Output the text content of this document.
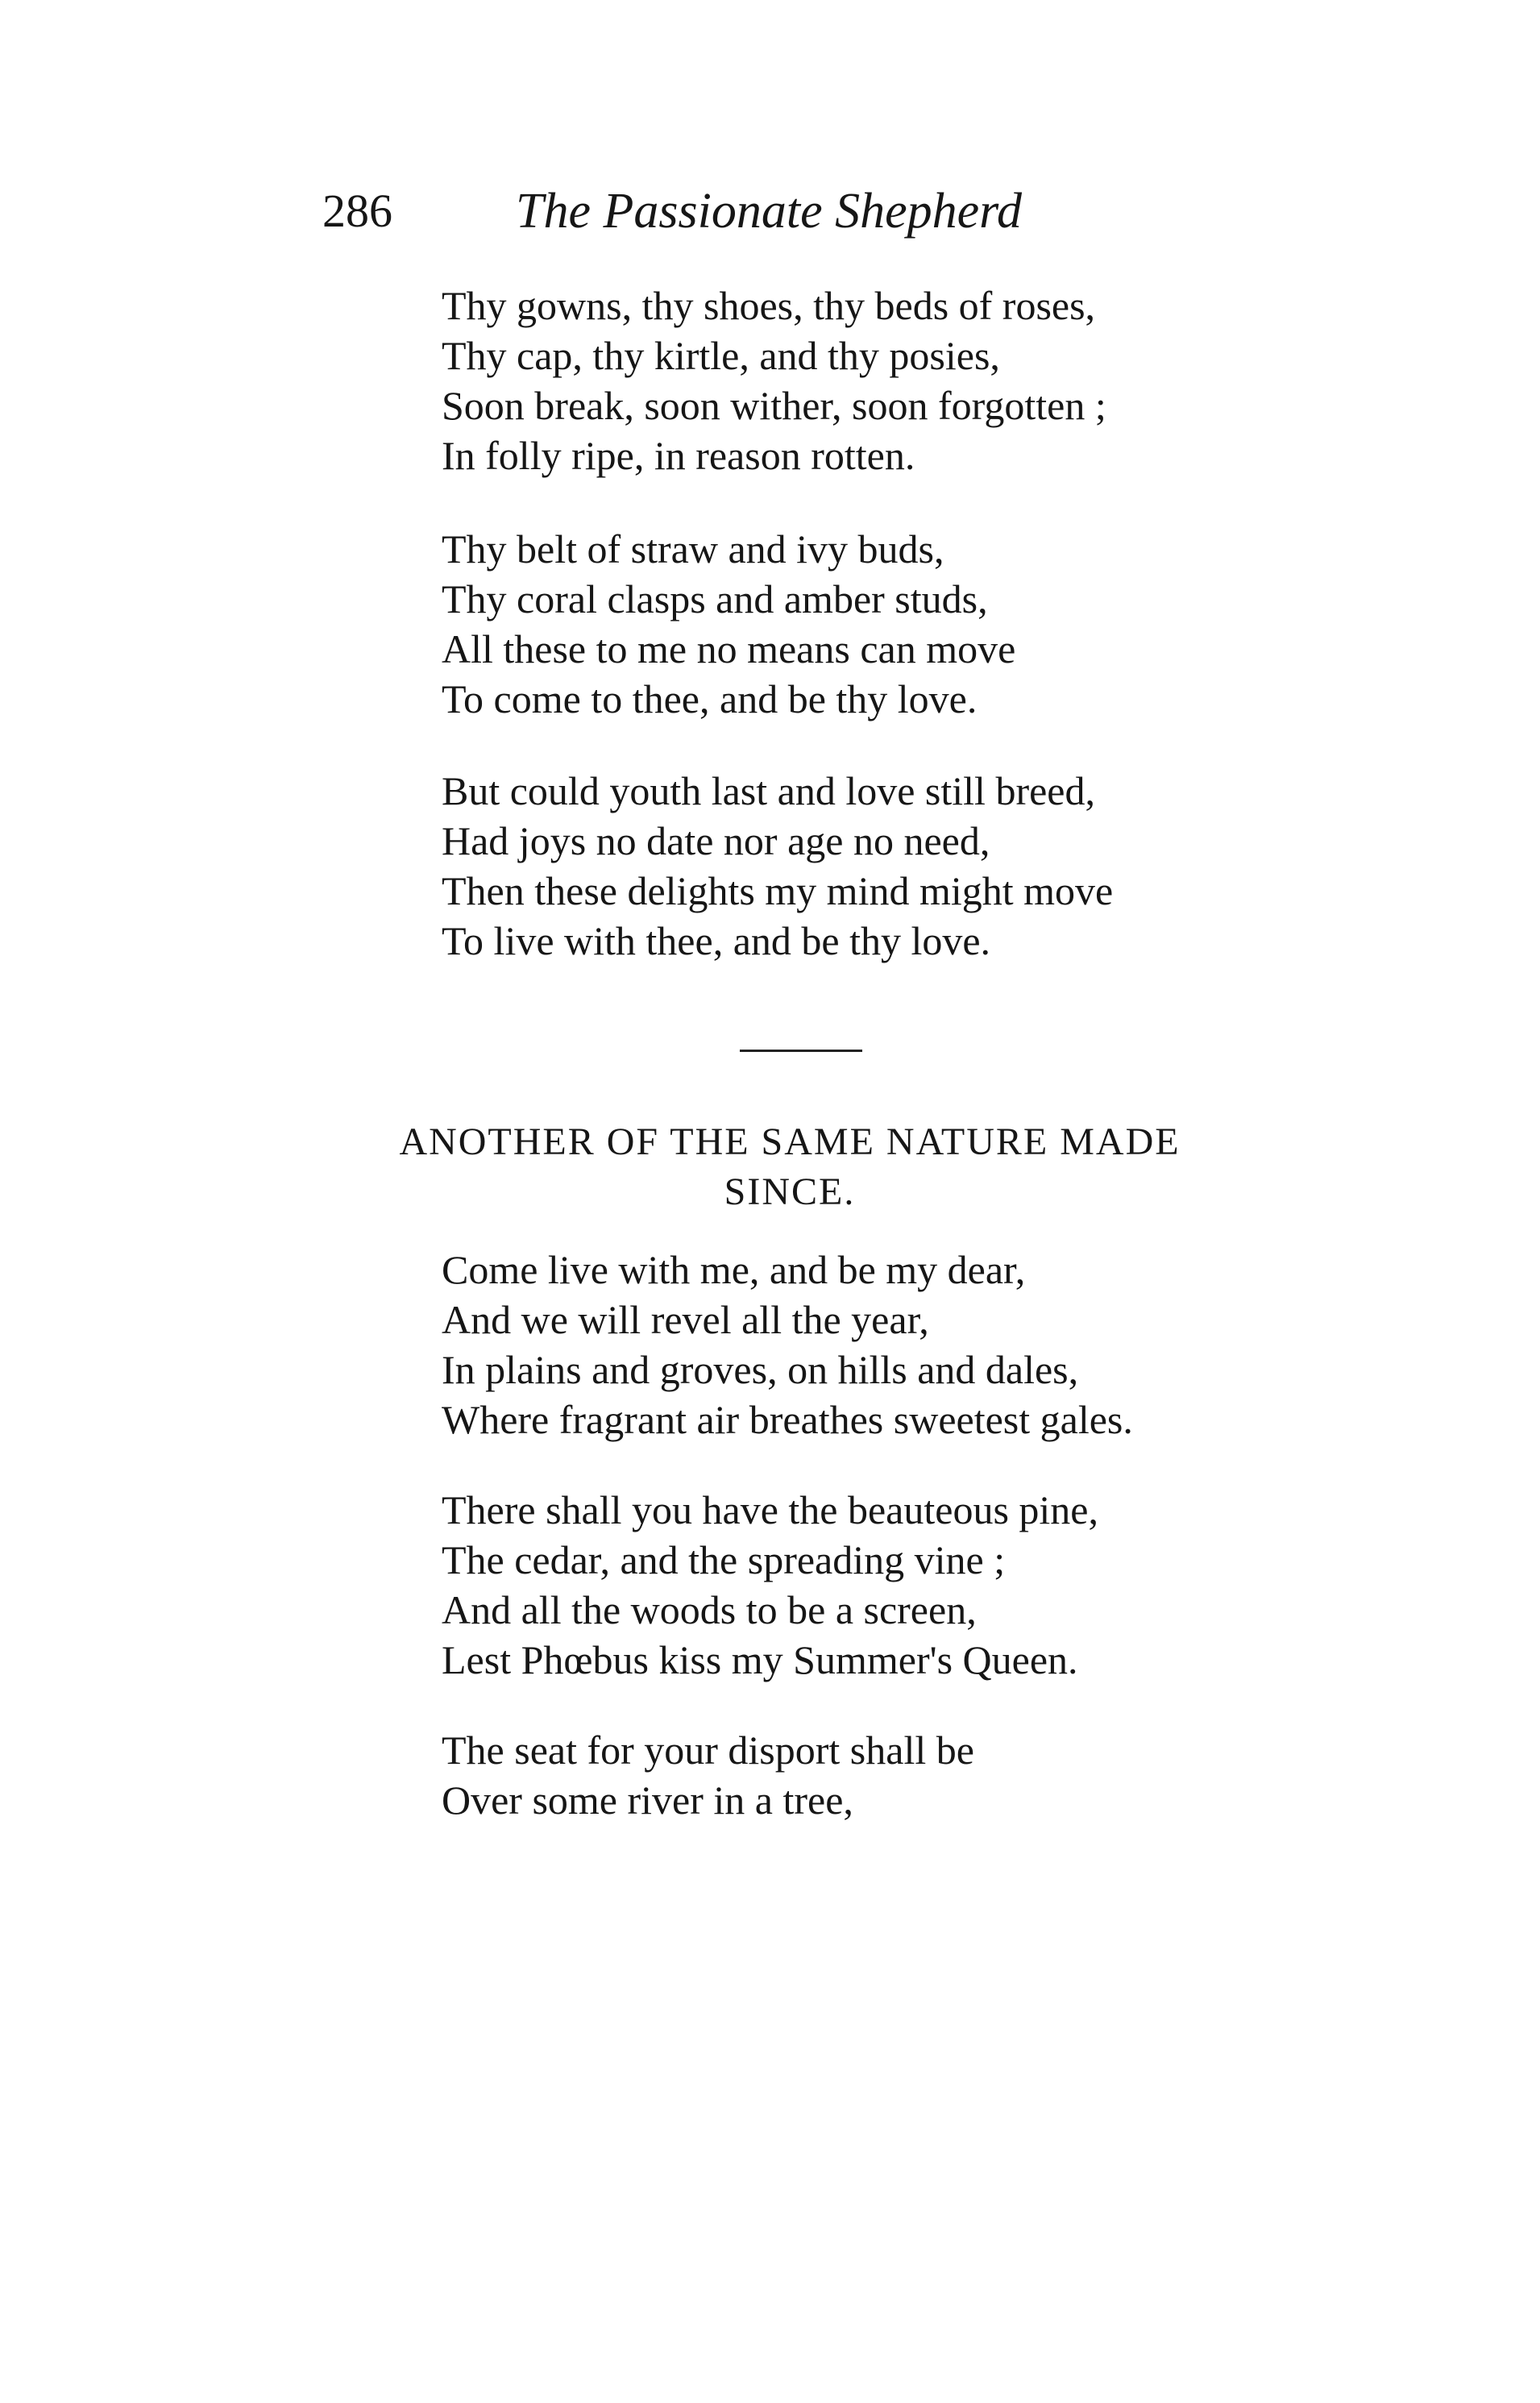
286 The Passionate Shepherd
Thy gowns, thy shoes, thy beds of roses,
Thy cap, thy kirtle, and thy posies,
Soon break, soon wither, soon forgotten ;
In folly ripe, in reason rotten.
Thy belt of straw and ivy buds,
Thy coral clasps and amber studs,
All these to me no means can move
To come to thee, and be thy love.
But could youth last and love still breed,
Had joys no date nor age no need,
Then these delights my mind might move
To live with thee, and be thy love.
ANOTHER OF THE SAME NATURE MADE
SINCE.
Come live with me, and be my dear,
And we will revel all the year,
In plains and groves, on hills and dales,
Where fragrant air breathes sweetest gales.
There shall you have the beauteous pine,
The cedar, and the spreading vine ;
And all the woods to be a screen,
Lest Phœbus kiss my Summer's Queen.
The seat for your disport shall be
Over some river in a tree,
